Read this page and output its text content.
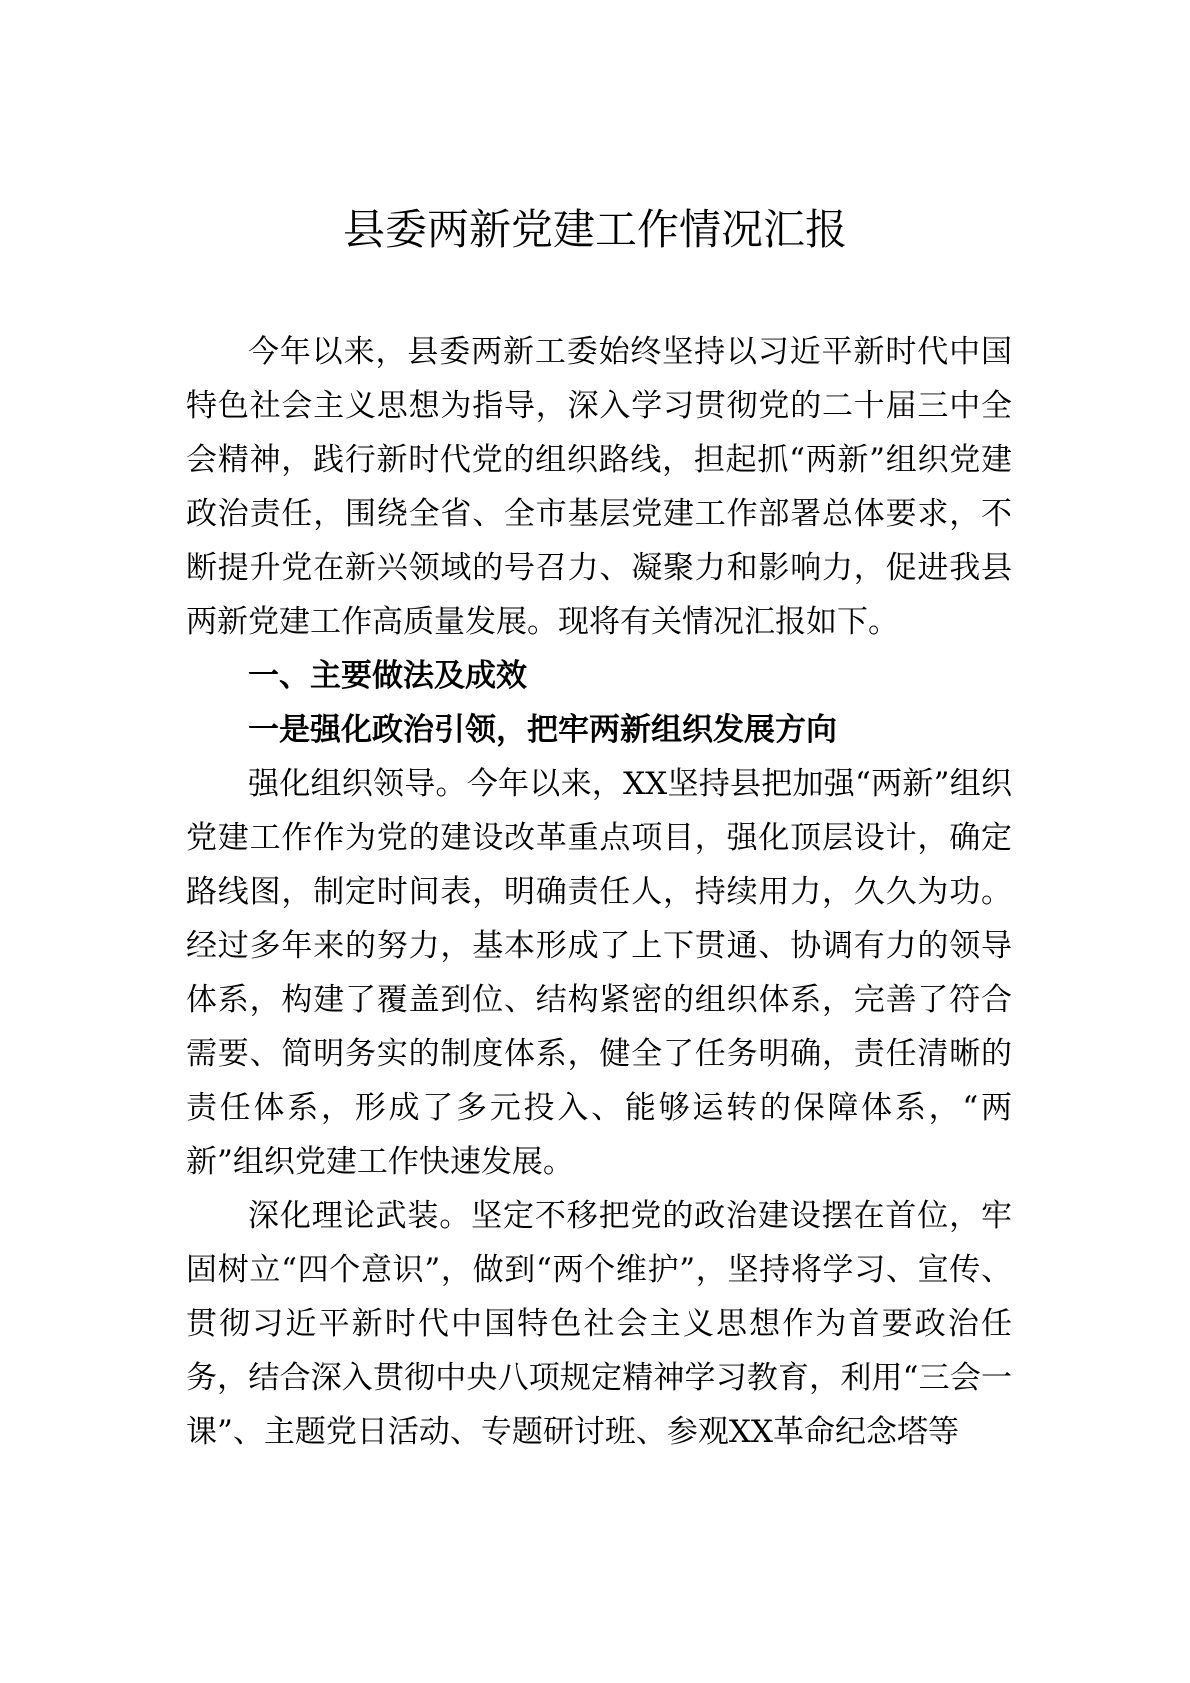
县委两新党建工作情况汇报

今年以来，县委两新工委始终坚持以习近平新时代中国特色社会主义思想为指导，深入学习贯彻党的二十届三中全会精神，践行新时代党的组织路线，担起抓“两新”组织党建政治责任，围绕全省、全市基层党建工作部署总体要求，不断提升党在新兴领域的号召力、凝聚力和影响力，促进我县两新党建工作高质量发展。现将有关情况汇报如下。

一、主要做法及成效

一是强化政治引领，把牢两新组织发展方向

强化组织领导。今年以来，XX坚持县把加强“两新”组织党建工作作为党的建设改革重点项目，强化顶层设计，确定路线图，制定时间表，明确责任人，持续用力，久久为功。经过多年来的努力，基本形成了上下贯通、协调有力的领导体系，构建了覆盖到位、结构紧密的组织体系，完善了符合需要、简明务实的制度体系，健全了任务明确，责任清晰的责任体系，形成了多元投入、能够运转的保障体系，“两新”组织党建工作快速发展。

深化理论武装。坚定不移把党的政治建设摆在首位，牢固树立“四个意识”，做到“两个维护”，坚持将学习、宣传、贯彻习近平新时代中国特色社会主义思想作为首要政治任务，结合深入贯彻中央八项规定精神学习教育，利用“三会一课”、主题党日活动、专题研讨班、参观XX革命纪念塔等
